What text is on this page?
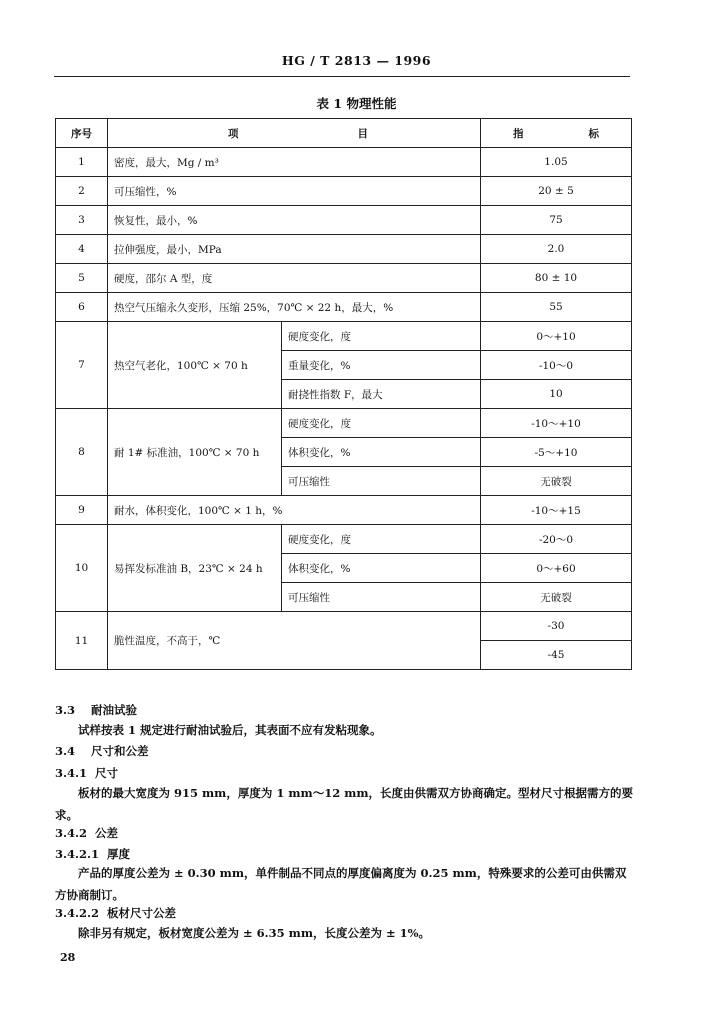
HG / T 2813 — 1996
表 1 物理性能
序号	项 目		指 标

1	密度，最大，Mg / m³		1.05
2	可压缩性，%		20 ± 5
3	恢复性，最小，%		75
4	拉伸强度，最小，MPa		2.0
5	硬度，邵尔 A 型，度		80 ± 10
6	热空气压缩永久变形，压缩 25%，70℃ × 22 h，最大，%		55
7	热空气老化，100℃ × 70 h	硬度变化，度	0～+10
		重量变化，%	-10～0
		耐挠性指数 F，最大	10
8	耐 1# 标准油，100℃ × 70 h	硬度变化，度	-10～+10
		体积变化，%	-5～+10
		可压缩性	无破裂
9	耐水，体积变化，100℃ × 1 h，%		-10～+15
10	易挥发标准油 B，23℃ × 24 h	硬度变化，度	-20～0
		体积变化，%	0～+60
		可压缩性	无破裂
11	脆性温度，不高于，℃		-30
			-45
3.3 耐油试验
试样按表 1 规定进行耐油试验后，其表面不应有发粘现象。
3.4 尺寸和公差
3.4.1 尺寸
板材的最大宽度为 915 mm，厚度为 1 mm～12 mm，长度由供需双方协商确定。型材尺寸根据需方的要求。
3.4.2 公差
3.4.2.1 厚度
产品的厚度公差为 ± 0.30 mm，单件制品不同点的厚度偏离度为 0.25 mm，特殊要求的公差可由供需双方协商制订。
3.4.2.2 板材尺寸公差
除非另有规定，板材宽度公差为 ± 6.35 mm，长度公差为 ± 1%。
28
